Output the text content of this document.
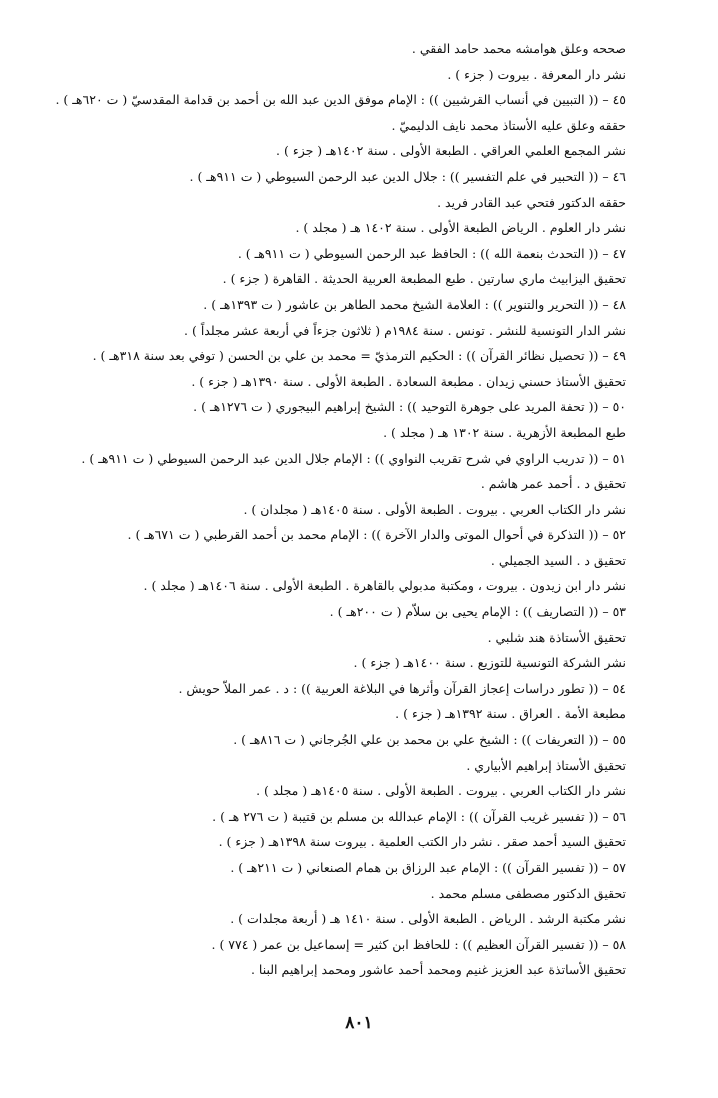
صححه وعلق هوامشه محمد حامد الفقي .
نشر دار المعرفة . بيروت ( جزء ) .
٤٥ – (( التبيين في أنساب القرشيين )) : الإمام موفق الدين عبد الله بن أحمد بن قدامة المقدسيّ ( ت ٦٢٠هـ ) .
حققه وعلق عليه الأستاذ محمد نايف الدليميّ .
نشر المجمع العلمي العراقي . الطبعة الأولى . سنة ١٤٠٢هـ ( جزء ) .
٤٦ – (( التحبير في علم التفسير )) : جلال الدين عبد الرحمن السيوطي ( ت ٩١١هـ ) .
حققه الدكتور فتحي عبد القادر فريد .
نشر دار العلوم . الرياض الطبعة الأولى . سنة ١٤٠٢ هـ ( مجلد ) .
٤٧ – (( التحدث بنعمة الله )) : الحافظ عبد الرحمن السيوطي ( ت ٩١١هـ ) .
تحقيق اليزابيث ماري سارتين . طبع المطبعة العربية الحديثة . القاهرة ( جزء ) .
٤٨ – (( التحرير والتنوير )) : العلامة الشيخ محمد الطاهر بن عاشور ( ت ١٣٩٣هـ ) .
نشر الدار التونسية للنشر . تونس . سنة ١٩٨٤م ( ثلاثون جزءاً في أربعة عشر مجلداً ) .
٤٩ – (( تحصيل نظائر القرآن )) : الحكيم الترمذيّ = محمد بن علي بن الحسن ( توفي بعد سنة ٣١٨هـ ) .
تحقيق الأستاذ حسني زيدان . مطبعة السعادة . الطبعة الأولى . سنة ١٣٩٠هـ ( جزء ) .
٥٠ – (( تحفة المريد على جوهرة التوحيد )) : الشيخ إبراهيم البيجوري ( ت ١٢٧٦هـ ) .
طبع المطبعة الأزهرية . سنة ١٣٠٢ هـ ( مجلد ) .
٥١ – (( تدريب الراوي في شرح تقريب النواوي )) : الإمام جلال الدين عبد الرحمن السيوطي ( ت ٩١١هـ ) .
تحقيق د . أحمد عمر هاشم .
نشر دار الكتاب العربي . بيروت . الطبعة الأولى . سنة ١٤٠٥هـ ( مجلدان ) .
٥٢ – (( التذكرة في أحوال الموتى والدار الآخرة )) : الإمام محمد بن أحمد القرطبي ( ت ٦٧١هـ ) .
تحقيق د . السيد الجميلي .
نشر دار ابن زيدون . بيروت ، ومكتبة مدبولي بالقاهرة . الطبعة الأولى . سنة ١٤٠٦هـ ( مجلد ) .
٥٣ – (( التصاريف )) : الإمام يحيى بن سلاّم ( ت ٢٠٠هـ ) .
تحقيق الأستاذة هند شلبي .
نشر الشركة التونسية للتوزيع . سنة ١٤٠٠هـ ( جزء ) .
٥٤ – (( تطور دراسات إعجاز القرآن وأثرها في البلاغة العربية )) : د . عمر الملاّ حويش .
مطبعة الأمة . العراق . سنة ١٣٩٢هـ ( جزء ) .
٥٥ – (( التعريفات )) : الشيخ علي بن محمد بن علي الجُرجاني ( ت ٨١٦هـ ) .
تحقيق الأستاذ إبراهيم الأبياري .
نشر دار الكتاب العربي . بيروت . الطبعة الأولى . سنة ١٤٠٥هـ ( مجلد ) .
٥٦ – (( تفسير غريب القرآن )) : الإمام عبدالله بن مسلم بن قتيبة ( ت ٢٧٦ هـ ) .
تحقيق السيد أحمد صقر . نشر دار الكتب العلمية . بيروت سنة ١٣٩٨هـ ( جزء ) .
٥٧ – (( تفسير القرآن )) : الإمام عبد الرزاق بن همام الصنعاني ( ت ٢١١هـ ) .
تحقيق الدكتور مصطفى مسلم محمد .
نشر مكتبة الرشد . الرياض . الطبعة الأولى . سنة ١٤١٠ هـ ( أربعة مجلدات ) .
٥٨ – (( تفسير القرآن العظيم )) : للحافظ ابن كثير = إسماعيل بن عمر ( ٧٧٤ ) .
تحقيق الأساتذة عبد العزيز غنيم ومحمد أحمد عاشور ومحمد إبراهيم البنا .
٨٠١
